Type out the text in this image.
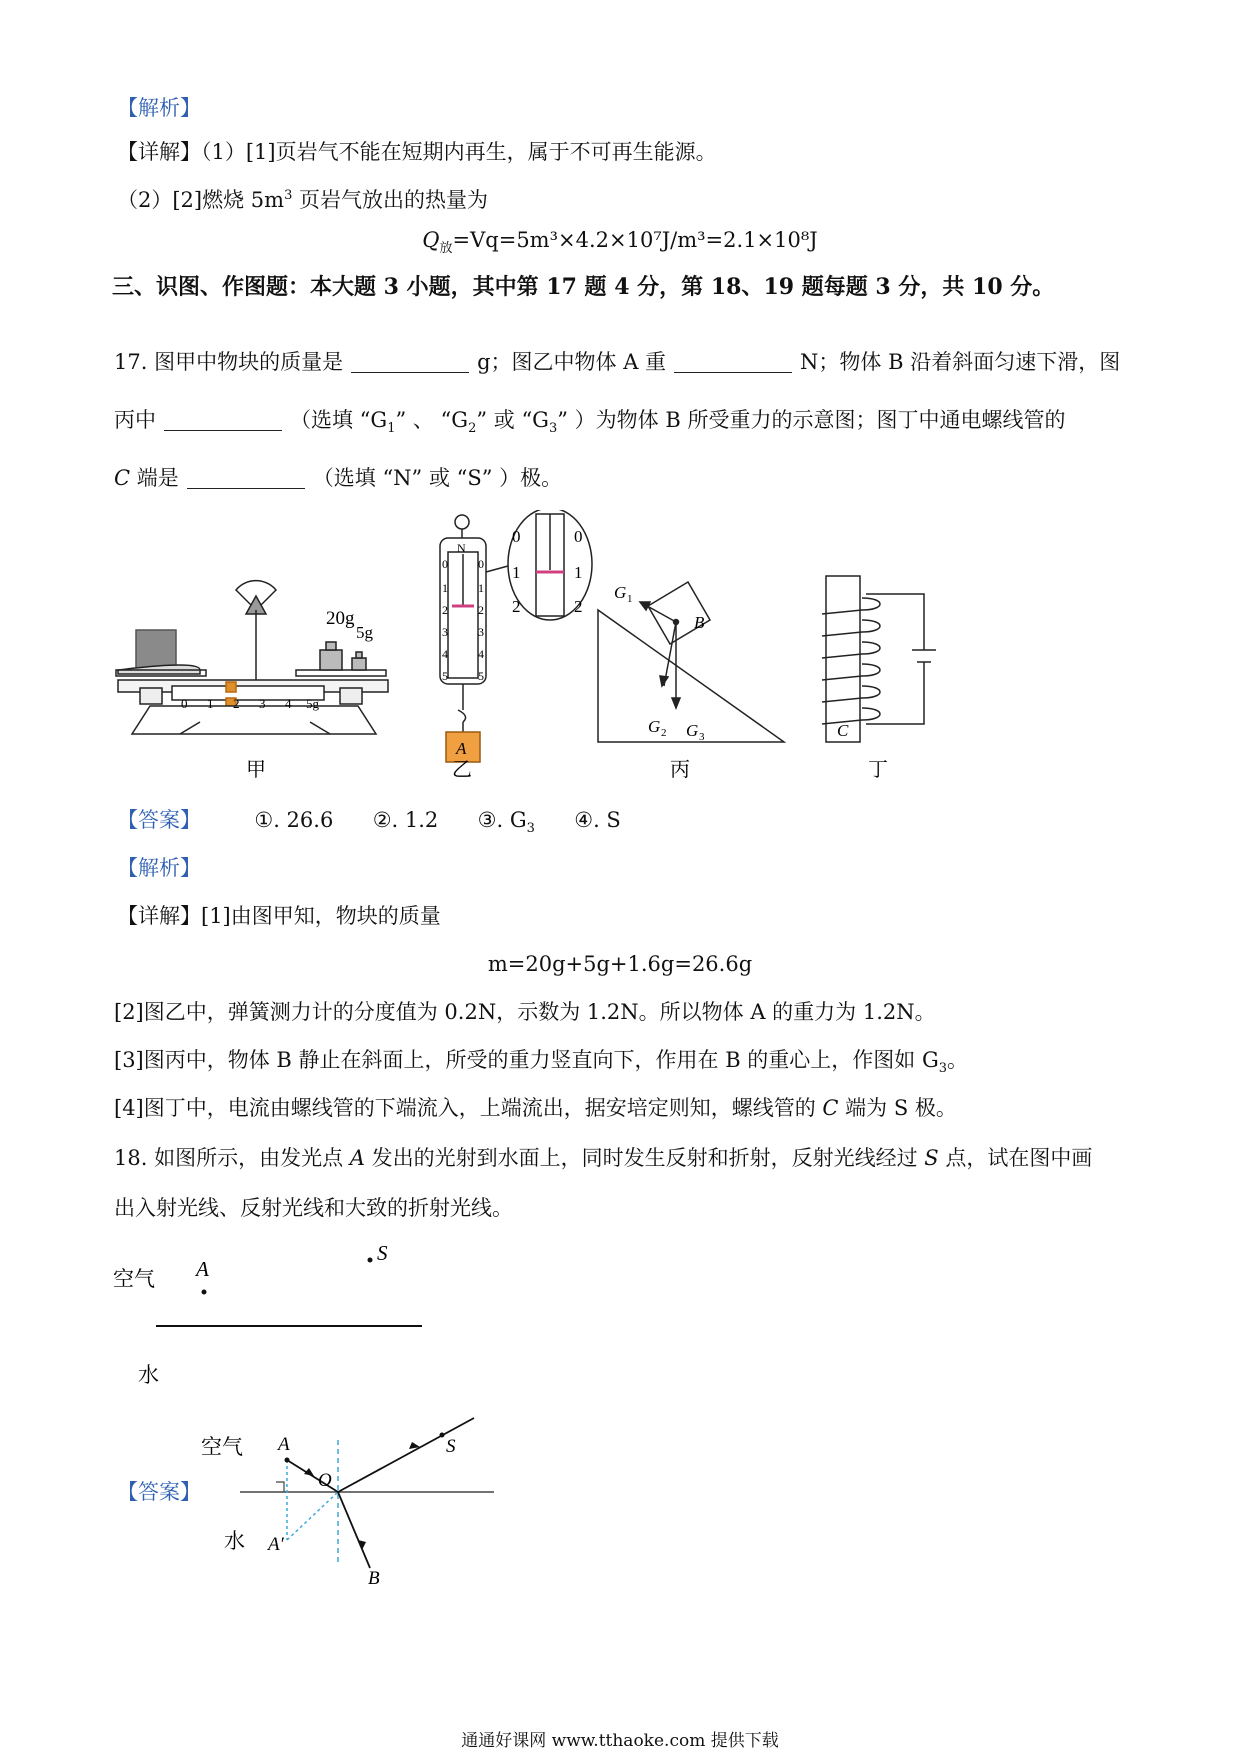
【解析】
【详解】（1）[1]页岩气不能在短期内再生，属于不可再生能源。
（2）[2]燃烧 $5m^3$ 页岩气放出的热量为
$Q_放=Vq=5m^3\times 4.2\times 10^7J/m^3=2.1\times 10^8J$
三、识图、作图题：本大题 3 小题，其中第 17 题 4 分，第 18、19 题每题 3 分，共 10 分。
17. 图甲中物块的质量是	g；图乙中物体 A 重	N；物体 B 沿着斜面匀速下滑，图
丙中	（选填 “$G_1$” 、 “$G_2$” 或 “$G_3$” ）为物体 B 所受重力的示意图；图丁中通电螺线管的
C 端是	（选填 “N” 或 “S” ）极。
20g
5g
0 1 2 3 4 5g
甲
N
0
1
2
3
4
5
0
1
2
3
4
5
0
1
2
0
1
2
A
乙
G 1
G 2 G 3
B
丙
C
丁
【答案】	①. 26.6 ②. 1.2 ③. $G_3$ ④. S
【解析】
【详解】[1]由图甲知，物块的质量
m=20g+5g+1.6g=26.6g
[2]图乙中，弹簧测力计的分度值为 0.2N，示数为 1.2N。所以物体 A 的重力为 1.2N。
[3]图丙中，物体 B 静止在斜面上，所受的重力竖直向下，作用在 B 的重心上，作图如 $G_3$。
[4]图丁中，电流由螺线管的下端流入，上端流出，据安培定则知，螺线管的 C 端为 S 极。
18. 如图所示，由发光点 A 发出的光射到水面上，同时发生反射和折射，反射光线经过 S 点，试在图中画
出入射光线、反射光线和大致的折射光线。
空气 A
S
水
【答案】
空气
水
A
A′
O
S
B
通通好课网 www.tthaoke.com 提供下载
